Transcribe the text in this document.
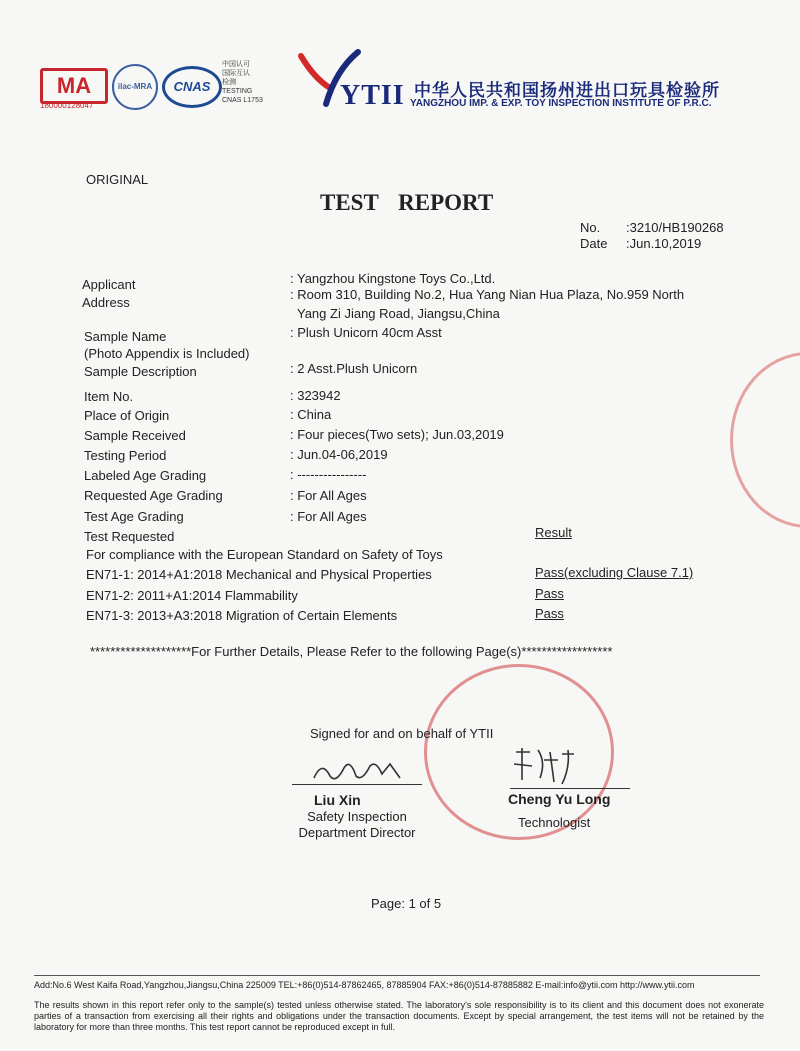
MA
180000128047
ilac-MRA	CNAS
中国认可
国际互认
检测
TESTING
CNAS L1753	YTII 中华人民共和国扬州进出口玩具检验所
YANGZHOU IMP. & EXP. TOY INSPECTION INSTITUTE OF P.R.C.
ORIGINAL
TEST REPORT
No. :3210/HB190268
Date :Jun.10,2019
Applicant	: Yangzhou Kingstone Toys Co.,Ltd.
Address
: Room 310, Building No.2, Hua Yang Nian Hua Plaza, No.959 North
Yang Zi Jiang Road, Jiangsu,China
Sample Name	: Plush Unicorn 40cm Asst
(Photo Appendix is Included)
Sample Description	: 2 Asst.Plush Unicorn
Item No.	: 323942
Place of Origin	: China
Sample Received	: Four pieces(Two sets); Jun.03,2019
Testing Period	: Jun.04-06,2019
Labeled Age Grading	: ----------------
Requested Age Grading	: For All Ages
Test Age Grading	: For All Ages
Test Requested	Result
For compliance with the European Standard on Safety of Toys
EN71-1: 2014+A1:2018 Mechanical and Physical Properties	Pass(excluding Clause 7.1)
EN71-2: 2011+A1:2014 Flammability	Pass
EN71-3: 2013+A3:2018 Migration of Certain Elements	Pass
********************For Further Details, Please Refer to the following Page(s)******************
Signed for and on behalf of YTII
Liu Xin
Safety Inspection
Department Director
Cheng Yu Long
Technologist
Page: 1 of 5
Add:No.6 West Kaifa Road,Yangzhou,Jiangsu,China 225009 TEL:+86(0)514-87862465, 87885904 FAX:+86(0)514-87885882 E-mail:info@ytii.com http://www.ytii.com
The results shown in this report refer only to the sample(s) tested unless otherwise stated. The laboratory's sole responsibility is to its client and this document does not exonerate parties of a transaction from exercising all their rights and obligations under the transaction documents. Except by special arrangement, the test items will not be retained by the laboratory for more than three months. This test report cannot be reproduced except in full.
